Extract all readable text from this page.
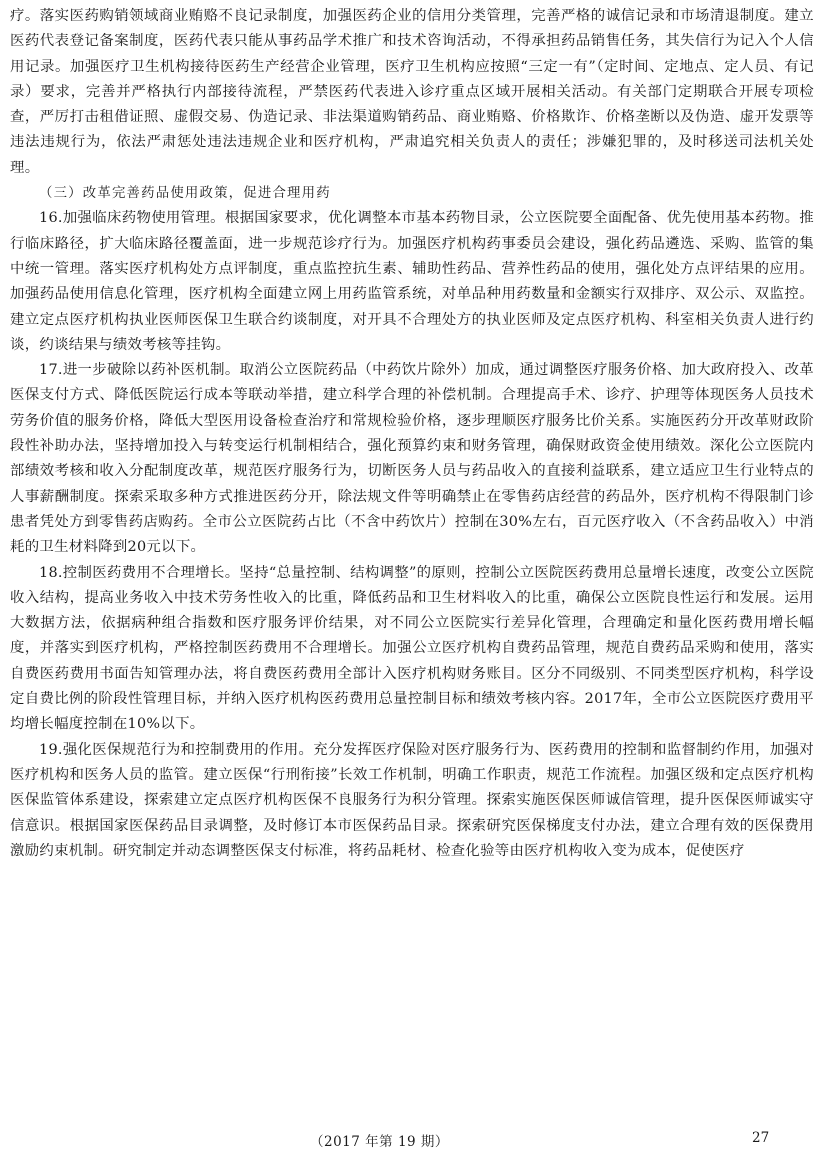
疗。落实医药购销领域商业贿赂不良记录制度，加强医药企业的信用分类管理，完善严格的诚信记录和市场清退制度。建立医药代表登记备案制度，医药代表只能从事药品学术推广和技术咨询活动，不得承担药品销售任务，其失信行为记入个人信用记录。加强医疗卫生机构接待医药生产经营企业管理，医疗卫生机构应按照“三定一有”（定时间、定地点、定人员、有记录）要求，完善并严格执行内部接待流程，严禁医药代表进入诊疗重点区域开展相关活动。有关部门定期联合开展专项检查，严厉打击租借证照、虚假交易、伪造记录、非法渠道购销药品、商业贿赂、价格欺诈、价格垄断以及伪造、虚开发票等违法违规行为，依法严肃惩处违法违规企业和医疗机构，严肃追究相关负责人的责任；涉嫌犯罪的，及时移送司法机关处理。

（三）改革完善药品使用政策，促进合理用药

16.加强临床药物使用管理。根据国家要求，优化调整本市基本药物目录，公立医院要全面配备、优先使用基本药物。推行临床路径，扩大临床路径覆盖面，进一步规范诊疗行为。加强医疗机构药事委员会建设，强化药品遴选、采购、监管的集中统一管理。落实医疗机构处方点评制度，重点监控抗生素、辅助性药品、营养性药品的使用，强化处方点评结果的应用。加强药品使用信息化管理，医疗机构全面建立网上用药监管系统，对单品种用药数量和金额实行双排序、双公示、双监控。建立定点医疗机构执业医师医保卫生联合约谈制度，对开具不合理处方的执业医师及定点医疗机构、科室相关负责人进行约谈，约谈结果与绩效考核等挂钩。

17.进一步破除以药补医机制。取消公立医院药品（中药饮片除外）加成，通过调整医疗服务价格、加大政府投入、改革医保支付方式、降低医院运行成本等联动举措，建立科学合理的补偿机制。合理提高手术、诊疗、护理等体现医务人员技术劳务价值的服务价格，降低大型医用设备检查治疗和常规检验价格，逐步理顺医疗服务比价关系。实施医药分开改革财政阶段性补助办法，坚持增加投入与转变运行机制相结合，强化预算约束和财务管理，确保财政资金使用绩效。深化公立医院内部绩效考核和收入分配制度改革，规范医疗服务行为，切断医务人员与药品收入的直接利益联系，建立适应卫生行业特点的人事薪酬制度。探索采取多种方式推进医药分开，除法规文件等明确禁止在零售药店经营的药品外，医疗机构不得限制门诊患者凭处方到零售药店购药。全市公立医院药占比（不含中药饮片）控制在30%左右，百元医疗收入（不含药品收入）中消耗的卫生材料降到20元以下。

18.控制医药费用不合理增长。坚持“总量控制、结构调整”的原则，控制公立医院医药费用总量增长速度，改变公立医院收入结构，提高业务收入中技术劳务性收入的比重，降低药品和卫生材料收入的比重，确保公立医院良性运行和发展。运用大数据方法，依据病种组合指数和医疗服务评价结果，对不同公立医院实行差异化管理，合理确定和量化医药费用增长幅度，并落实到医疗机构，严格控制医药费用不合理增长。加强公立医疗机构自费药品管理，规范自费药品采购和使用，落实自费医药费用书面告知管理办法，将自费医药费用全部计入医疗机构财务账目。区分不同级别、不同类型医疗机构，科学设定自费比例的阶段性管理目标，并纳入医疗机构医药费用总量控制目标和绩效考核内容。2017年，全市公立医院医疗费用平均增长幅度控制在10%以下。

19.强化医保规范行为和控制费用的作用。充分发挥医疗保险对医疗服务行为、医药费用的控制和监督制约作用，加强对医疗机构和医务人员的监管。建立医保“行刑衔接”长效工作机制，明确工作职责，规范工作流程。加强区级和定点医疗机构医保监管体系建设，探索建立定点医疗机构医保不良服务行为积分管理。探索实施医保医师诚信管理，提升医保医师诚实守信意识。根据国家医保药品目录调整，及时修订本市医保药品目录。探索研究医保梯度支付办法，建立合理有效的医保费用激励约束机制。研究制定并动态调整医保支付标准，将药品耗材、检查化验等由医疗机构收入变为成本，促使医疗

（2017 年第 19 期）	27
